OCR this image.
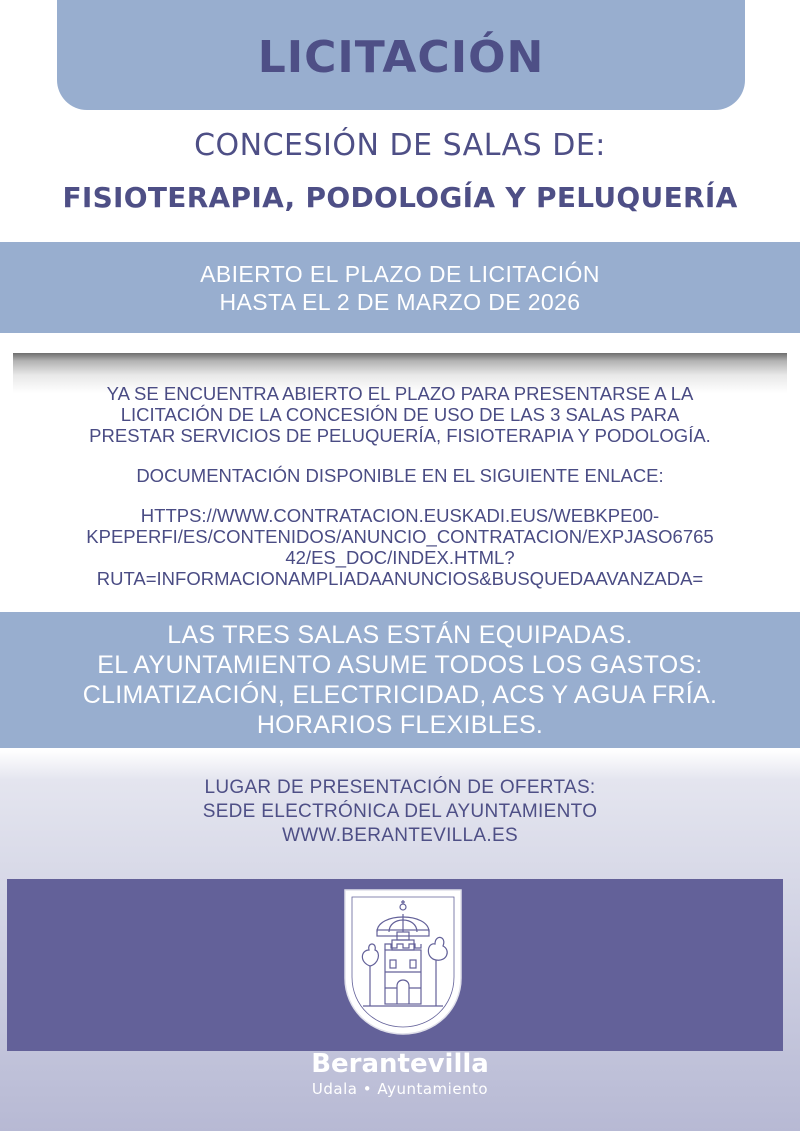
LICITACIÓN
CONCESIÓN DE SALAS DE:
FISIOTERAPIA, PODOLOGÍA Y PELUQUERÍA
ABIERTO EL PLAZO DE LICITACIÓN
HASTA EL 2 DE MARZO DE 2026

YA SE ENCUENTRA ABIERTO EL PLAZO PARA PRESENTARSE A LA

LICITACIÓN DE LA CONCESIÓN DE USO DE LAS 3 SALAS PARA

PRESTAR SERVICIOS DE PELUQUERÍA, FISIOTERAPIA Y PODOLOGÍA.

DOCUMENTACIÓN DISPONIBLE EN EL SIGUIENTE ENLACE:

HTTPS://WWW.CONTRATACION.EUSKADI.EUS/WEBKPE00-

KPEPERFI/ES/CONTENIDOS/ANUNCIO_CONTRATACION/EXPJASO6765

42/ES_DOC/INDEX.HTML?

RUTA=INFORMACIONAMPLIADAANUNCIOS&BUSQUEDAAVANZADA=

LAS TRES SALAS ESTÁN EQUIPADAS.
EL AYUNTAMIENTO ASUME TODOS LOS GASTOS:
CLIMATIZACIÓN, ELECTRICIDAD, ACS Y AGUA FRÍA.
HORARIOS FLEXIBLES.
LUGAR DE PRESENTACIÓN DE OFERTAS:
SEDE ELECTRÓNICA DEL AYUNTAMIENTO
WWW.BERANTEVILLA.ES
Berantevilla
Udala • Ayuntamiento
